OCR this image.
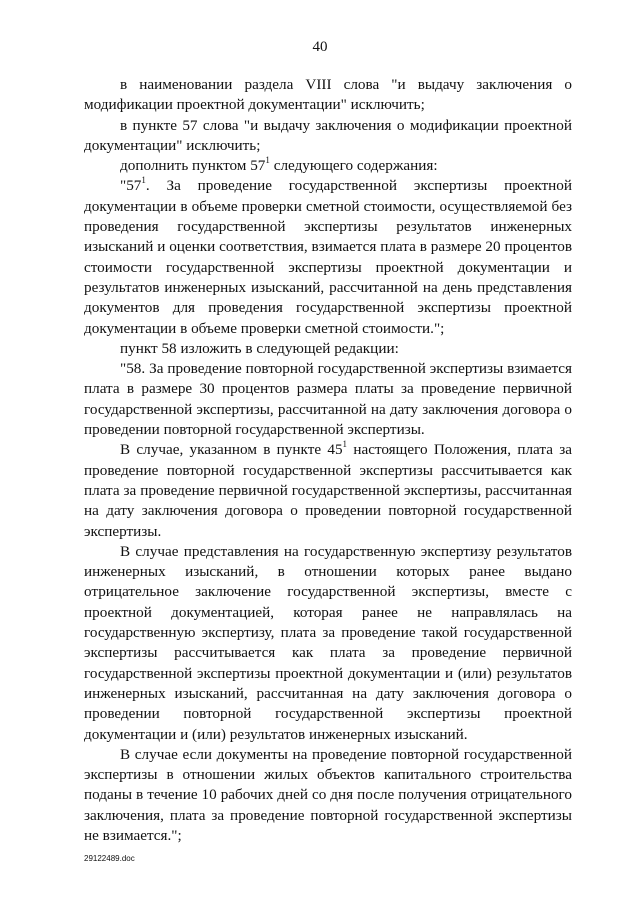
40

в наименовании раздела VIII слова "и выдачу заключения о модификации проектной документации" исключить;

в пункте 57 слова "и выдачу заключения о модификации проектной документации" исключить;

дополнить пунктом $57^1$ следующего содержания:

"$57^1$. За проведение государственной экспертизы проектной документации в объеме проверки сметной стоимости, осуществляемой без проведения государственной экспертизы результатов инженерных изысканий и оценки соответствия, взимается плата в размере 20 процентов стоимости государственной экспертизы проектной документации и результатов инженерных изысканий, рассчитанной на день представления документов для проведения государственной экспертизы проектной документации в объеме проверки сметной стоимости.";

пункт 58 изложить в следующей редакции:

"58. За проведение повторной государственной экспертизы взимается плата в размере 30 процентов размера платы за проведение первичной государственной экспертизы, рассчитанной на дату заключения договора о проведении повторной государственной экспертизы.

В случае, указанном в пункте $45^1$ настоящего Положения, плата за проведение повторной государственной экспертизы рассчитывается как плата за проведение первичной государственной экспертизы, рассчитанная на дату заключения договора о проведении повторной государственной экспертизы.

В случае представления на государственную экспертизу результатов инженерных изысканий, в отношении которых ранее выдано отрицательное заключение государственной экспертизы, вместе с проектной документацией, которая ранее не направлялась на государственную экспертизу, плата за проведение такой государственной экспертизы рассчитывается как плата за проведение первичной государственной экспертизы проектной документации и (или) результатов инженерных изысканий, рассчитанная на дату заключения договора о проведении повторной государственной экспертизы проектной документации и (или) результатов инженерных изысканий.

В случае если документы на проведение повторной государственной экспертизы в отношении жилых объектов капитального строительства поданы в течение 10 рабочих дней со дня после получения отрицательного заключения, плата за проведение повторной государственной экспертизы не взимается.";

29122489.doc
